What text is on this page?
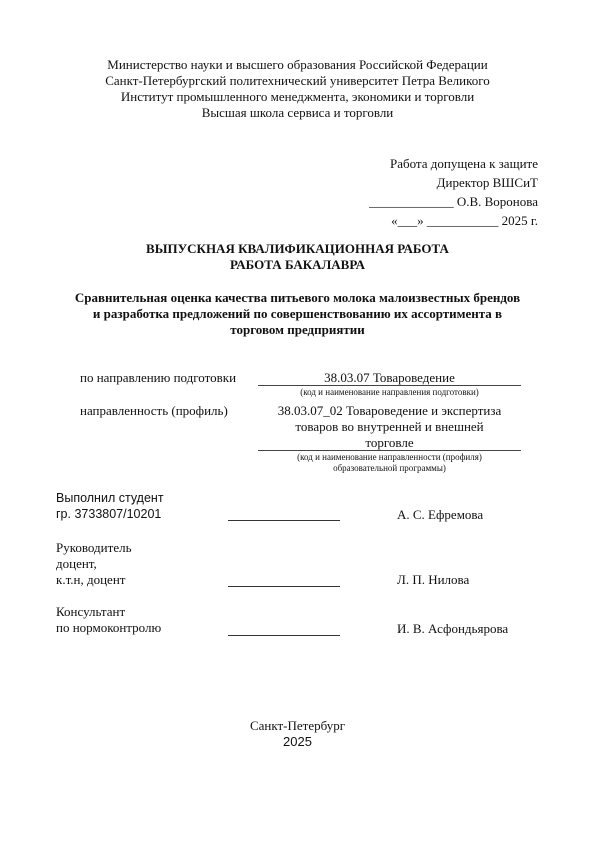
Министерство науки и высшего образования Российской Федерации
Санкт-Петербургский политехнический университет Петра Великого
Институт промышленного менеджмента, экономики и торговли
Высшая школа сервиса и торговли
Работа допущена к защите
Директор ВШСиТ
_____________ О.В. Воронова
«___» ___________ 2025 г.
ВЫПУСКНАЯ КВАЛИФИКАЦИОННАЯ РАБОТА
РАБОТА БАКАЛАВРА
Сравнительная оценка качества питьевого молока малоизвестных брендов
и разработка предложений по совершенствованию их ассортимента в
торговом предприятии
по направлению подготовки	38.03.07 Товароведение
(код и наименование направления подготовки)
направленность (профиль)	38.03.07_02 Товароведение и экспертиза
товаров во внутренней и внешней
торговле
(код и наименование направленности (профиля)
образовательной программы)
Выполнил студент
гр. 3733807/10201	А. С. Ефремова
Руководитель
доцент,
к.т.н, доцент	Л. П. Нилова
Консультант
по нормоконтролю	И. В. Асфондьярова
Санкт-Петербург
2025
